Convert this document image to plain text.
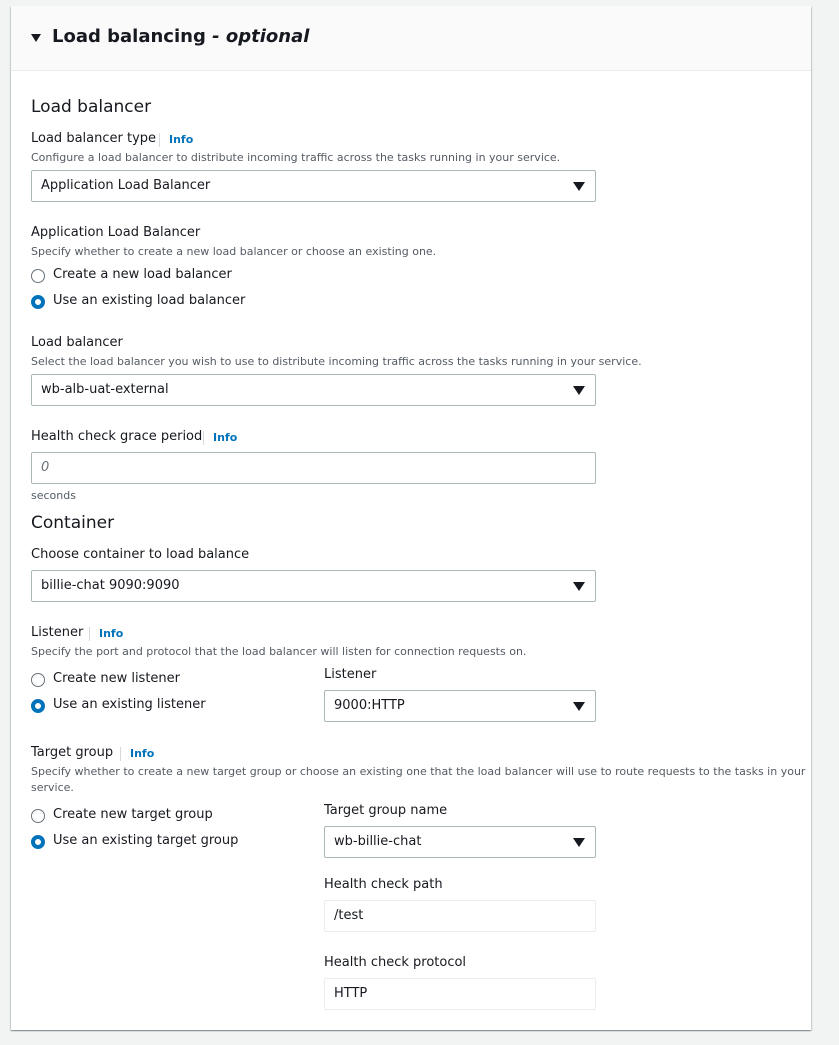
Load balancing - optional
Load balancer
Load balancer type Info
Configure a load balancer to distribute incoming traffic across the tasks running in your service.
Application Load Balancer
Application Load Balancer
Specify whether to create a new load balancer or choose an existing one.
Create a new load balancer
Use an existing load balancer
Load balancer
Select the load balancer you wish to use to distribute incoming traffic across the tasks running in your service.
wb-alb-uat-external
Health check grace period Info
0
seconds
Container
Choose container to load balance
billie-chat 9090:9090
Listener Info
Specify the port and protocol that the load balancer will listen for connection requests on.
Create new listener
Use an existing listener
Listener
9000:HTTP
Target group Info
Specify whether to create a new target group or choose an existing one that the load balancer will use to route requests to the tasks in your
service.
Create new target group
Use an existing target group
Target group name
wb-billie-chat
Health check path
/test
Health check protocol
HTTP
